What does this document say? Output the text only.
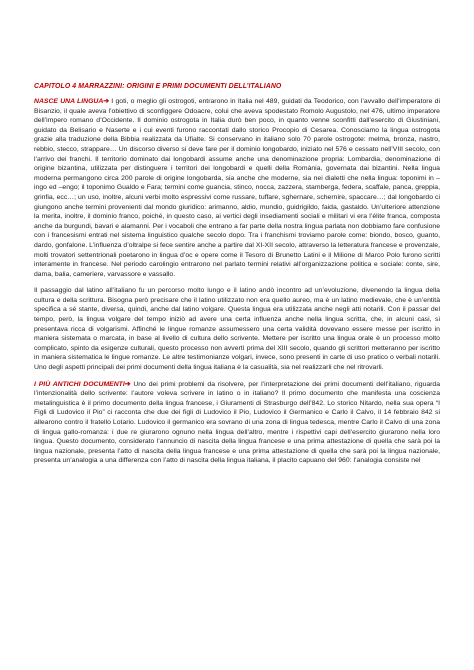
CAPITOLO 4 MARRAZZINI: ORIGINI E PRIMI DOCUMENTI DELL’ITALIANO

NASCE UNA LINGUA➔ I goti, o meglio gli ostrogoti, entrarono in Italia nel 489, guidati da Teodorico, con l’avvallo dell’imperatore di Bisanzio, il quale aveva l’obiettivo di sconfiggere Odoacre, colui che aveva spodestato Romolo Augustolo, nel 476, ultimo imperatore dell’impero romano d’Occidente. Il dominio ostrogota in Italia durò ben poco, in quanto venne sconfitti dall’esercito di Giustiniani, guidato da Belisario e Naserte e i cui eventi furono raccontati dallo storico Procopio di Cesarea. Conosciamo la lingua ostrogota grazie alla traduzione della Bibbia realizzata da Ufialte. Si conservano in italiano solo 70 parole ostrogote: melma, bronza, nastro, rebbio, stecco, strappare… Un discorso diverso si deve fare per il dominio longobardo, iniziato nel 576 e cessato nell’VIII secolo, con l’arrivo dei franchi. Il territorio dominato dai longobardi assume anche una denominazione propria: Lombardia, denominazione di origine bizantina, utilizzata per distinguere i territori dei longobardi e quelli della Romània, governata dai bizantini. Nella lingua moderna permangono circa 200 parole di origine longobarda, sia anche che moderne, sia nei dialetti che nella lingua: toponimi in –ingo ed –engo; il toponimo Gualdo e Fara; termini come guancia, stinco, nocca, zazzera, stamberga, federa, scaffale, panca, greppia, grinfia, ecc…; un uso, inoltre, alcuni verbi molto espressivi come russare, tuffare, sghernare, schernire, spaccare…; dal longobardo ci giungono anche termini provenienti dal mondo giuridico: arimanno, aldio, mundio, guidrigildo, faida, gastaldo. Un’ulteriore attenzione la merita, inoltre, il dominio franco, poiché, in questo caso, ai vertici degli insediamenti sociali e militari vi era l’élite franca, composta anche da burgundi, bavari e alamanni. Per i vocaboli che entrano a far parte della nostra lingua parlata non dobbiamo fare confusione con i francesismi entrati nel sistema linguistico qualche secolo dopo. Tra i franchismi troviamo parole come: biondo, bosco, guanto, dardo, gonfalone. L’influenza d’oltralpe si fece sentire anche a partire dal XI-XII secolo, attraverso la letteratura francese e provenzale, molti trovatori settentrionali poetarono in lingua d’oc e opere come il Tesoro di Brunetto Latini e il Milione di Marco Polo furono scritti interamente in francese. Nel periodo carolingio entrarono nel parlato termini relativi all’organizzazione politica e sociale: conte, sire, dama, balia, cameriere, varvassore e vassallo.

Il passaggio dal latino all’italiano fu un percorso molto lungo e il latino andò incontro ad un’evoluzione, divenendo la lingua della cultura e della scrittura. Bisogna però precisare che il latino utilizzato non era quello aureo, ma è un latino medievale, che è un’entità specifica a sé stante, diversa, quindi, anche dal latino volgare. Questa lingua era utilizzata anche negli atti notarili. Con il passar del tempo, però, la lingua volgare del tempo iniziò ad avere una certa influenza anche nella lingua scritta, che, in alcuni casi, si presentava ricca di volgarismi. Affinché le lingue romanze assumessero una certa validità dovevano essere messe per iscritto in maniera sistemata o marcata, in base al livello di cultura dello scrivente. Mettere per iscritto una lingua orale è un processo molto complicato, spinto da esigenze culturali, questo processo non avvertì prima del XIII secolo, quando gli scrittori metteranno per iscritto in maniera sistematica le lingue romanze. Le altre testimonianze volgari, invece, sono presenti in carte di uso pratico o verbali notarili. Uno degli aspetti principali dei primi documenti della lingua italiana è la casualità, sia nel realizzarli che nel ritrovarli.

I PIÙ ANTICHI DOCUMENTI➔ Uno dei primi problemi da risolvere, per l’interpretazione dei primi documenti dell’italiano, riguarda l’intenzionalità dello scrivente: l’autore voleva scrivere in latino o in italiano? Il primo documento che manifesta una coscienza metalinguistica è il primo documento della lingua francese, i Giuramenti di Strasburgo dell’842. Lo storico Nitardo, nella sua opera “I Figli di Ludovico il Pio” ci racconta che due dei figli di Ludovico il Pio, Ludovico il Germanico e Carlo il Calvo, il 14 febbraio 842 si allearono contro il fratello Lotario. Ludovico il germanico era sovrano di una zona di lingua tedesca, mentre Carlo il Calvo di una zona di lingua gallo-romanza: i due re giurarono ognuno nella lingua dell’altro, mentre i rispettivi capi dell’esercito giurarono nella loro lingua. Questo documento, considerato l’annuncio di nascita della lingua francese e una prima attestazione di quella che sarà poi la lingua nazionale, presenta l’atto di nascita della lingua francese e una prima attestazione di quella che sarà poi la lingua nazionale, presenta un’analogia a una differenza con l’atto di nascita della lingua italiana, il placito capuano del 960: l’analogia consiste nel
